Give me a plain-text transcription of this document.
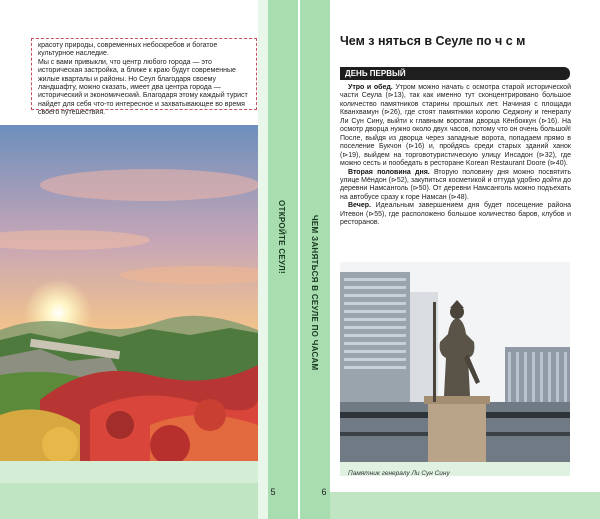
красоту природы, современных небоскребов и богатое культурное наследие.

Мы с вами привыкли, что центр любого города — это историческая застройка, а ближе к краю будут современные жилые кварталы и районы. Но Сеул благодаря своему ландшафту, можно сказать, имеет два центра города — исторический и экономический. Благодаря этому каждый турист найдет для себя что-то интересное и захватывающее во время своего путешествия.

ОТКРОЙТЕ СЕУЛ!
5
ЧЕМ ЗАНЯТЬСЯ В СЕУЛЕ ПО ЧАСАМ
6
Чем з няться в Сеуле по ч с м
ДЕНЬ ПЕРВЫЙ

Утро и обед. Утром можно начать с осмотра старой исторической части Сеула (⊳13), так как именно тут сконцентрировано большое количество памятников старины прошлых лет. Начиная с площади Кванхвамун (⊳26), где стоят памятники королю Седжону и генералу Ли Сун Сину, выйти к главным воротам дворца Кёнбоккун (⊳16). На осмотр дворца нужно около двух часов, потому что он очень большой! После, выйдя из дворца через западные ворота, попадаем прямо в поселение Букчон (⊳16) и, пройдясь среди старых зданий ханок (⊳19), выйдем на торговотуристическую улицу Инсадон (⊳32), где можно сесть и пообедать в ресторане Korean Restaurant Doore (⊳40).

Вторая половина дня. Вторую половину дня можно посвятить улице Мёндон (⊳52), закупиться косметикой и оттуда удобно дойти до деревни Намсанголь (⊳50). От деревни Намсанголь можно подъехать на автобусе сразу к горе Намсан (⊳48).

Вечер. Идеальным завершением дня будет посещение района Итевон (⊳55), где расположено большое количество баров, клубов и ресторанов.

Памятник генералу Ли Сун Сину
